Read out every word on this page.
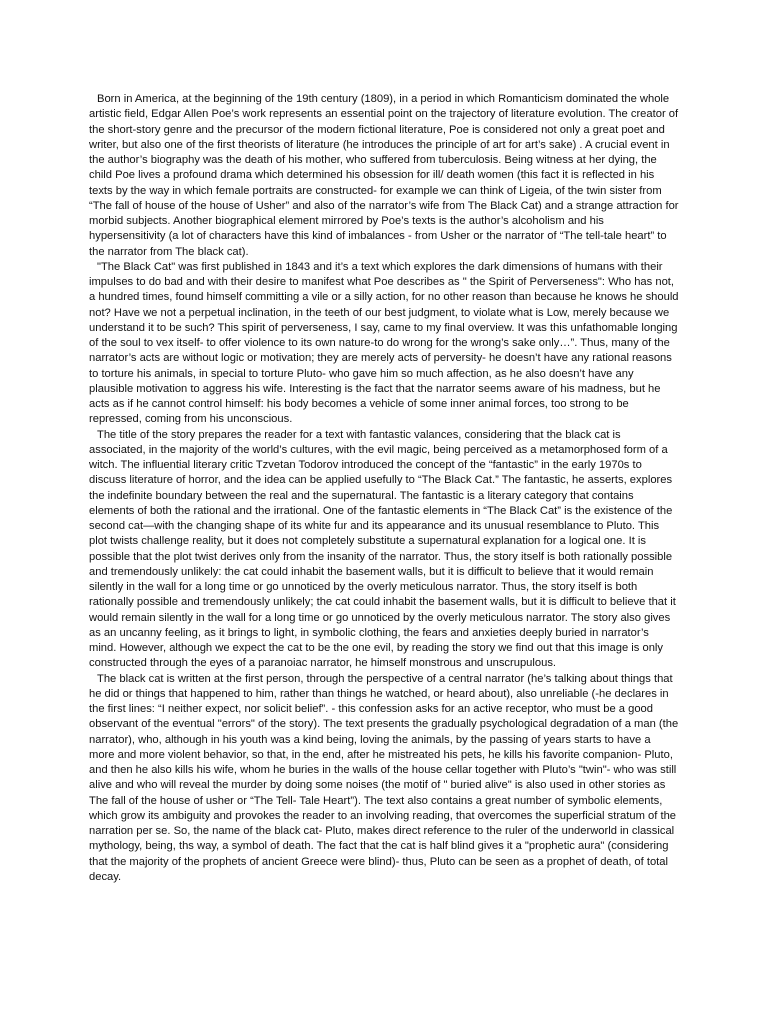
Born in America, at the beginning of the 19th century (1809), in a period in which Romanticism dominated the whole artistic field, Edgar Allen Poe’s work represents an essential point on the trajectory of literature evolution. The creator of the short-story genre and the precursor of the modern fictional literature, Poe is considered not only a great poet and writer, but also one of the first theorists of literature (he introduces the principle of art for art’s sake) . A crucial event in the author’s biography was the death of his mother, who suffered from tuberculosis. Being witness at her dying, the child Poe lives a profound drama which determined his obsession for ill/ death women (this fact it is reflected in his texts by the way in which female portraits are constructed- for example we can think of Ligeia, of the twin sister from “The fall of house of the house of Usher” and also of the narrator’s wife from The Black Cat) and a strange attraction for morbid subjects. Another biographical element mirrored by Poe’s texts is the author’s alcoholism and his hypersensitivity (a lot of characters have this kind of imbalances - from Usher or the narrator of “The tell-tale heart” to the narrator from The black cat).

"The Black Cat" was first published in 1843 and it’s a text which explores the dark dimensions of humans with their impulses to do bad and with their desire to manifest what Poe describes as " the Spirit of Perverseness": Who has not, a hundred times, found himself committing a vile or a silly action, for no other reason than because he knows he should not? Have we not a perpetual inclination, in the teeth of our best judgment, to violate what is Low, merely because we understand it to be such? This spirit of perverseness, I say, came to my final overview. It was this unfathomable longing of the soul to vex itself- to offer violence to its own nature-to do wrong for the wrong’s sake only…”. Thus, many of the narrator’s acts are without logic or motivation; they are merely acts of perversity- he doesn’t have any rational reasons to torture his animals, in special to torture Pluto- who gave him so much affection, as he also doesn’t have any plausible motivation to aggress his wife. Interesting is the fact that the narrator seems aware of his madness, but he acts as if he cannot control himself: his body becomes a vehicle of some inner animal forces, too strong to be repressed, coming from his unconscious.

The title of the story prepares the reader for a text with fantastic valances, considering that the black cat is associated, in the majority of the world’s cultures, with the evil magic, being perceived as a metamorphosed form of a witch. The influential literary critic Tzvetan Todorov introduced the concept of the “fantastic” in the early 1970s to discuss literature of horror, and the idea can be applied usefully to “The Black Cat.” The fantastic, he asserts, explores the indefinite boundary between the real and the supernatural. The fantastic is a literary category that contains elements of both the rational and the irrational. One of the fantastic elements in “The Black Cat” is the existence of the second cat—with the changing shape of its white fur and its appearance and its unusual resemblance to Pluto. This plot twists challenge reality, but it does not completely substitute a supernatural explanation for a logical one. It is possible that the plot twist derives only from the insanity of the narrator. Thus, the story itself is both rationally possible and tremendously unlikely: the cat could inhabit the basement walls, but it is difficult to believe that it would remain silently in the wall for a long time or go unnoticed by the overly meticulous narrator. Thus, the story itself is both rationally possible and tremendously unlikely; the cat could inhabit the basement walls, but it is difficult to believe that it would remain silently in the wall for a long time or go unnoticed by the overly meticulous narrator. The story also gives as an uncanny feeling, as it brings to light, in symbolic clothing, the fears and anxieties deeply buried in narrator’s mind. However, although we expect the cat to be the one evil, by reading the story we find out that this image is only constructed through the eyes of a paranoiac narrator, he himself monstrous and unscrupulous.

The black cat is written at the first person, through the perspective of a central narrator (he’s talking about things that he did or things that happened to him, rather than things he watched, or heard about), also unreliable (-he declares in the first lines: “I neither expect, nor solicit belief”. - this confession asks for an active receptor, who must be a good observant of the eventual "errors" of the story). The text presents the gradually psychological degradation of a man (the narrator), who, although in his youth was a kind being, loving the animals, by the passing of years starts to have a more and more violent behavior, so that, in the end, after he mistreated his pets, he kills his favorite companion- Pluto, and then he also kills his wife, whom he buries in the walls of the house cellar together with Pluto’s "twin"- who was still alive and who will reveal the murder by doing some noises (the motif of " buried alive" is also used in other stories as The fall of the house of usher or “The Tell- Tale Heart”). The text also contains a great number of symbolic elements, which grow its ambiguity and provokes the reader to an involving reading, that overcomes the superficial stratum of the narration per se. So, the name of the black cat- Pluto, makes direct reference to the ruler of the underworld in classical mythology, being, ths way, a symbol of death. The fact that the cat is half blind gives it a "prophetic aura" (considering that the majority of the prophets of ancient Greece were blind)- thus, Pluto can be seen as a prophet of death, of total decay.
